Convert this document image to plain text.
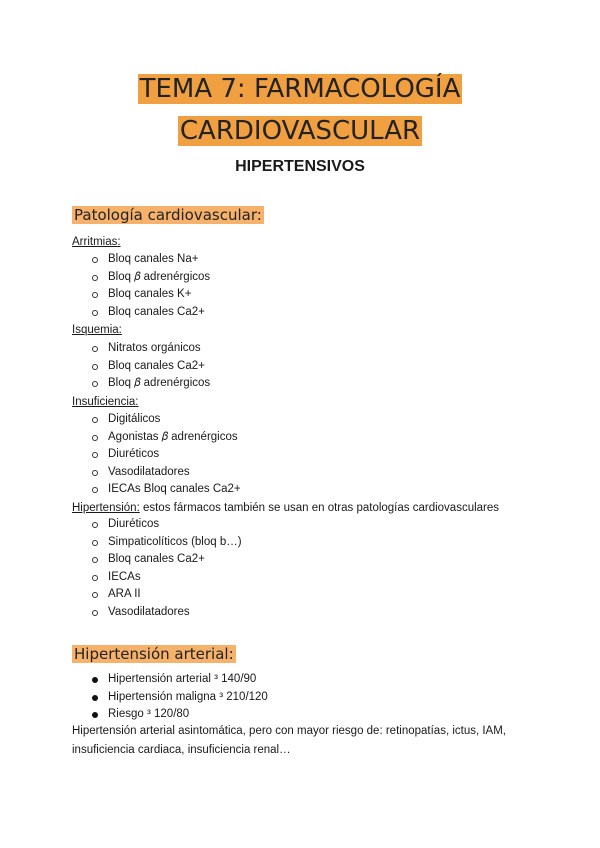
TEMA 7: FARMACOLOGÍA
CARDIOVASCULAR
HIPERTENSIVOS
Patología cardiovascular:
Arritmias:
Bloq canales Na+
Bloq 𝛽 adrenérgicos
Bloq canales K+
Bloq canales Ca2+
Isquemia:
Nitratos orgánicos
Bloq canales Ca2+
Bloq 𝛽 adrenérgicos
Insuficiencia:
Digitálicos
Agonistas 𝛽 adrenérgicos
Diuréticos
Vasodilatadores
IECAs Bloq canales Ca2+
Hipertensión: estos fármacos también se usan en otras patologías cardiovasculares
Diuréticos
Simpaticolíticos (bloq b…)
Bloq canales Ca2+
IECAs
ARA II
Vasodilatadores
Hipertensión arterial:
Hipertensión arterial ³ 140/90
Hipertensión maligna ³ 210/120
Riesgo ³ 120/80
Hipertensión arterial asintomática, pero con mayor riesgo de: retinopatías, ictus, IAM, insuficiencia cardiaca, insuficiencia renal…
